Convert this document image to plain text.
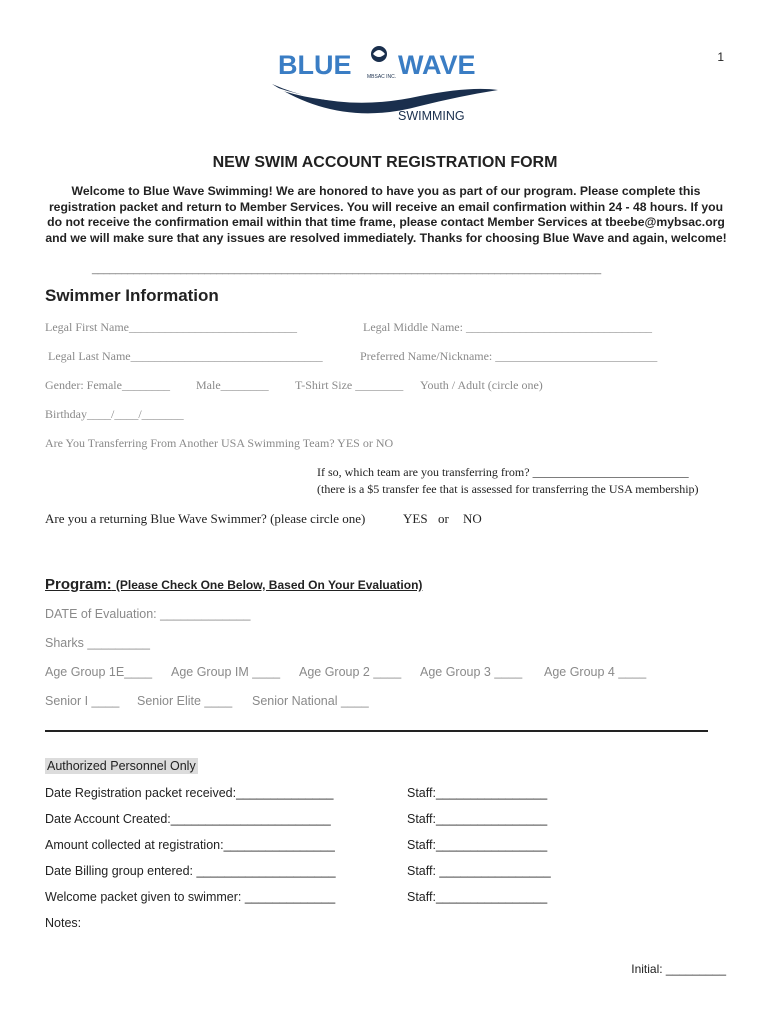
1
BLUE WAVE
MBSAC INC.
SWIMMING
NEW SWIM ACCOUNT REGISTRATION FORM
Welcome to Blue Wave Swimming! We are honored to have you as part of our program. Please complete this registration packet and return to Member Services. You will receive an email confirmation within 24 - 48 hours. If you do not receive the confirmation email within that time frame, please contact Member Services at tbeebe@mybsac.org and we will make sure that any issues are resolved immediately. Thanks for choosing Blue Wave and again, welcome!
______________________________________________________________________________________
Swimmer Information
Legal First Name____________________________	Legal Middle Name: _______________________________
Legal Last Name________________________________	Preferred Name/Nickname: ___________________________
Gender: Female________ Male________ T-Shirt Size ________ Youth / Adult (circle one)
Birthday____/____/_______
Are You Transferring From Another USA Swimming Team? YES or NO
If so, which team are you transferring from? __________________________
(there is a $5 transfer fee that is assessed for transferring the USA membership)
Are you a returning Blue Wave Swimmer? (please circle one)	YES or NO
Program: (Please Check One Below, Based On Your Evaluation)
DATE of Evaluation: _____________
Sharks _________
Age Group 1E____ Age Group IM ____ Age Group 2 ____ Age Group 3 ____ Age Group 4 ____
Senior I ____ Senior Elite ____ Senior National ____
Authorized Personnel Only
Date Registration packet received:______________	Staff:________________
Date Account Created:_______________________	Staff:________________
Amount collected at registration:________________	Staff:________________
Date Billing group entered: ____________________	Staff: ________________
Welcome packet given to swimmer: _____________	Staff:________________
Notes:
Initial: _________
